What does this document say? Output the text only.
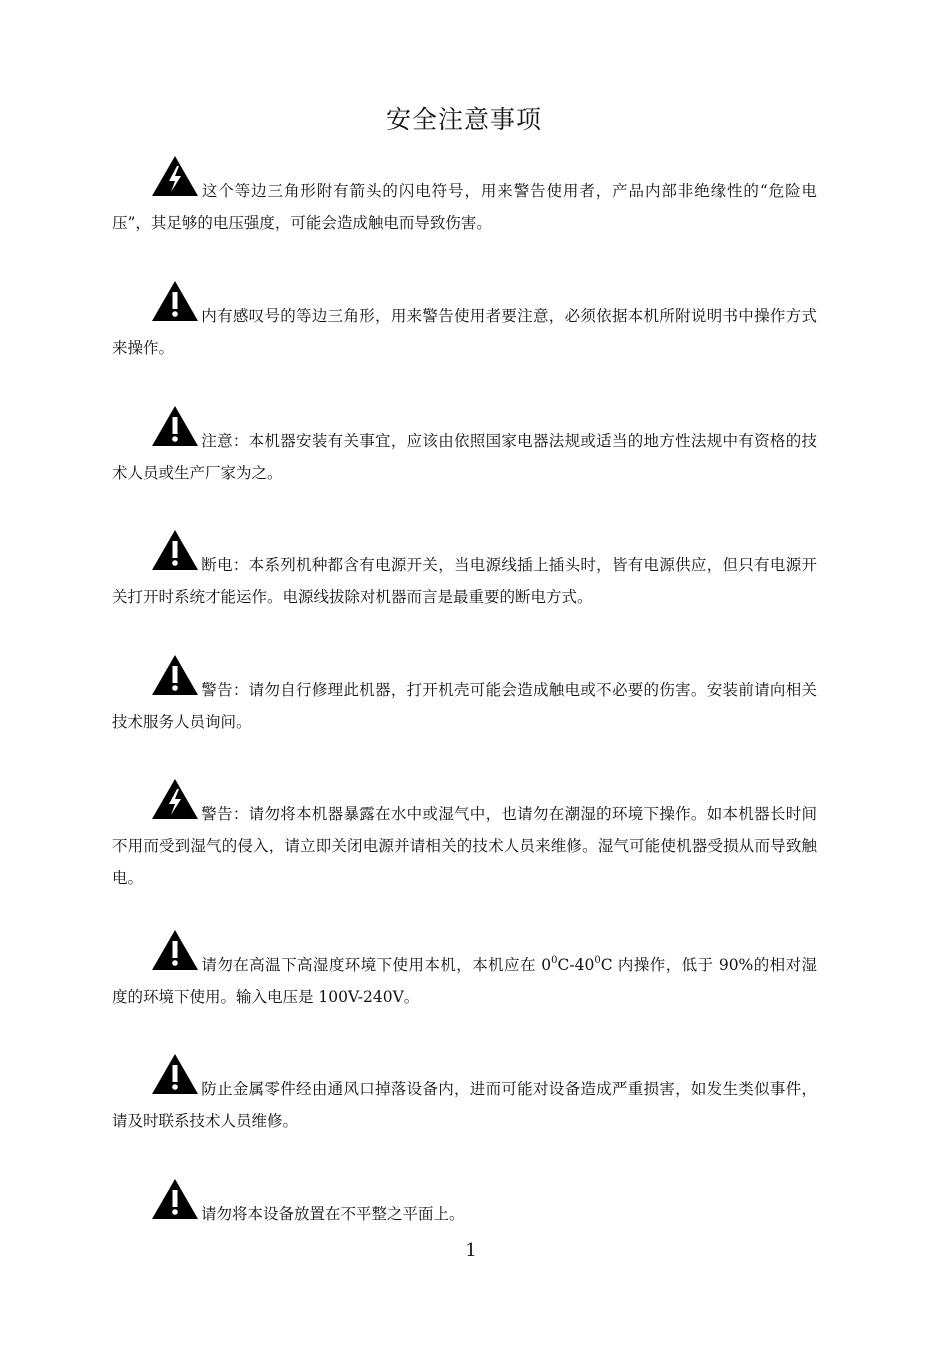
安全注意事项
这个等边三角形附有箭头的闪电符号，用来警告使用者，产品内部非绝缘性的“危险电压”，其足够的电压强度，可能会造成触电而导致伤害。
内有感叹号的等边三角形，用来警告使用者要注意，必须依据本机所附说明书中操作方式来操作。
注意：本机器安装有关事宜，应该由依照国家电器法规或适当的地方性法规中有资格的技术人员或生产厂家为之。
断电：本系列机种都含有电源开关，当电源线插上插头时，皆有电源供应，但只有电源开关打开时系统才能运作。电源线拔除对机器而言是最重要的断电方式。
警告：请勿自行修理此机器，打开机壳可能会造成触电或不必要的伤害。安装前请向相关技术服务人员询问。
警告：请勿将本机器暴露在水中或湿气中，也请勿在潮湿的环境下操作。如本机器长时间不用而受到湿气的侵入，请立即关闭电源并请相关的技术人员来维修。湿气可能使机器受损从而导致触电。
请勿在高温下高湿度环境下使用本机，本机应在 $0^0C-40^0C$ 内操作，低于 90%的相对湿度的环境下使用。输入电压是 100V-240V。
防止金属零件经由通风口掉落设备内，进而可能对设备造成严重损害，如发生类似事件，请及时联系技术人员维修。
请勿将本设备放置在不平整之平面上。
1
